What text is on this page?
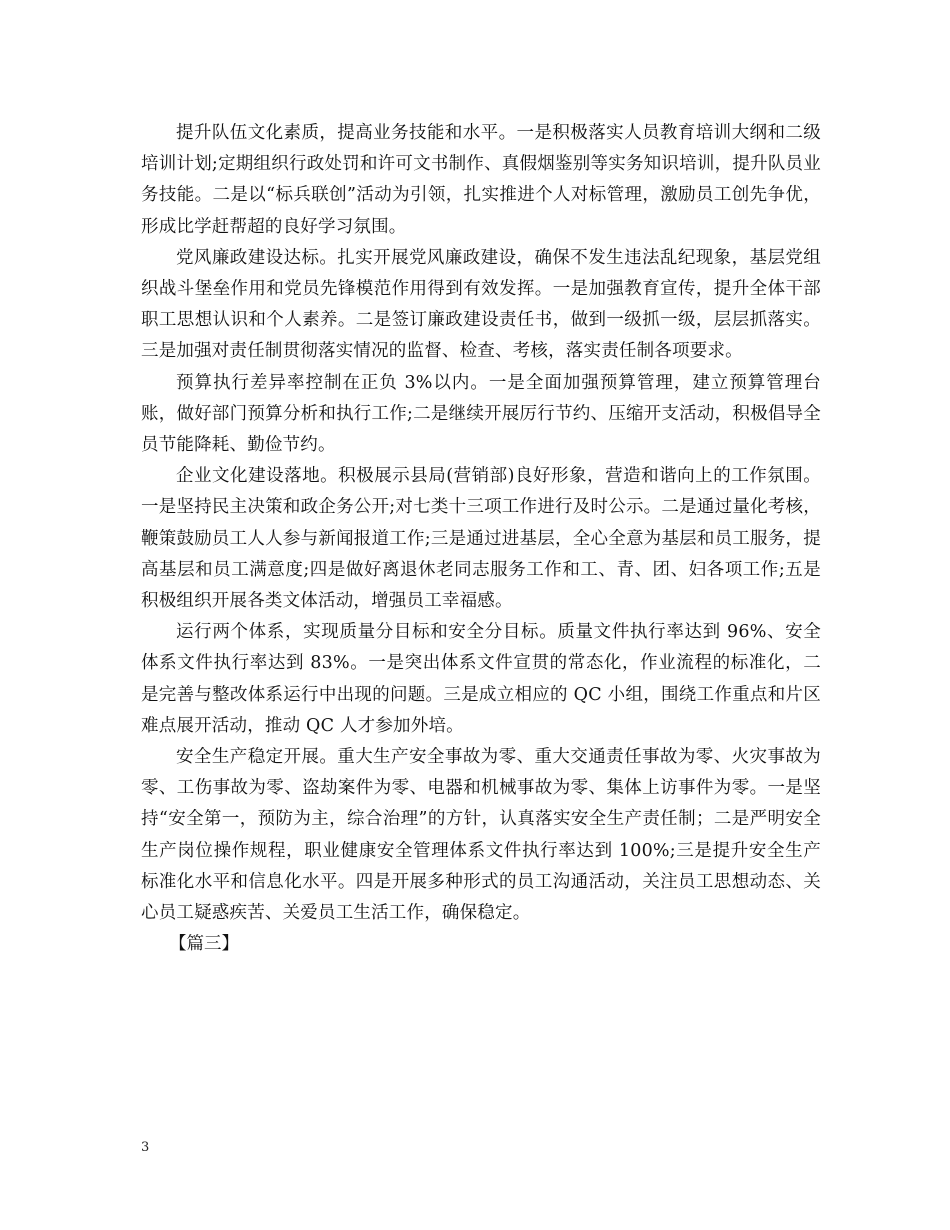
提升队伍文化素质，提高业务技能和水平。一是积极落实人员教育培训大纲和二级培训计划;定期组织行政处罚和许可文书制作、真假烟鉴别等实务知识培训，提升队员业务技能。二是以“标兵联创”活动为引领，扎实推进个人对标管理，激励员工创先争优，形成比学赶帮超的良好学习氛围。

党风廉政建设达标。扎实开展党风廉政建设，确保不发生违法乱纪现象，基层党组织战斗堡垒作用和党员先锋模范作用得到有效发挥。一是加强教育宣传，提升全体干部职工思想认识和个人素养。二是签订廉政建设责任书，做到一级抓一级，层层抓落实。三是加强对责任制贯彻落实情况的监督、检查、考核，落实责任制各项要求。

预算执行差异率控制在正负 3%以内。一是全面加强预算管理，建立预算管理台账，做好部门预算分析和执行工作;二是继续开展厉行节约、压缩开支活动，积极倡导全员节能降耗、勤俭节约。

企业文化建设落地。积极展示县局(营销部)良好形象，营造和谐向上的工作氛围。一是坚持民主决策和政企务公开;对七类十三项工作进行及时公示。二是通过量化考核，鞭策鼓励员工人人参与新闻报道工作;三是通过进基层，全心全意为基层和员工服务，提高基层和员工满意度;四是做好离退休老同志服务工作和工、青、团、妇各项工作;五是积极组织开展各类文体活动，增强员工幸福感。

运行两个体系，实现质量分目标和安全分目标。质量文件执行率达到 96%、安全体系文件执行率达到 83%。一是突出体系文件宣贯的常态化，作业流程的标准化，二是完善与整改体系运行中出现的问题。三是成立相应的 QC 小组，围绕工作重点和片区难点展开活动，推动 QC 人才参加外培。

安全生产稳定开展。重大生产安全事故为零、重大交通责任事故为零、火灾事故为零、工伤事故为零、盗劫案件为零、电器和机械事故为零、集体上访事件为零。一是坚持“安全第一，预防为主，综合治理”的方针，认真落实安全生产责任制；二是严明安全生产岗位操作规程，职业健康安全管理体系文件执行率达到 100%;三是提升安全生产标准化水平和信息化水平。四是开展多种形式的员工沟通活动，关注员工思想动态、关心员工疑惑疾苦、关爱员工生活工作，确保稳定。

【篇三】

3
